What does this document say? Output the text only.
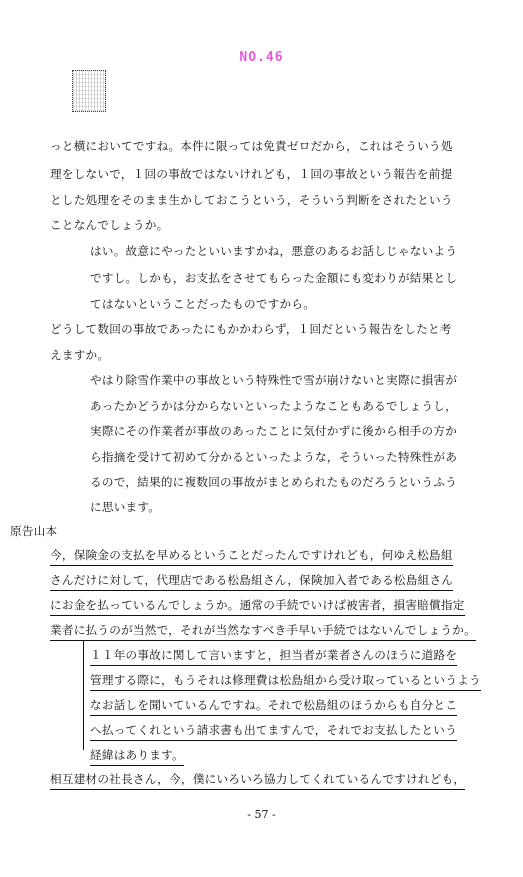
NO.46
っと横においてですね。本件に限っては免責ゼロだから，これはそういう処
理をしないで，１回の事故ではないけれども，１回の事故という報告を前提
とした処理をそのまま生かしておこうという，そういう判断をされたという
ことなんでしょうか。
はい。故意にやったといいますかね，悪意のあるお話しじゃないよう
ですし。しかも，お支払をさせてもらった金額にも変わりが結果とし
てはないということだったものですから。
どうして数回の事故であったにもかかわらず，１回だという報告をしたと考
えますか。
やはり除雪作業中の事故という特殊性で雪が崩けないと実際に損害が
あったかどうかは分からないといったようなこともあるでしょうし，
実際にその作業者が事故のあったことに気付かずに後から相手の方か
ら指摘を受けて初めて分かるといったような，そういった特殊性があ
るので，結果的に複数回の事故がまとめられたものだろうというふう
に思います。
原告山本
今，保険金の支払を早めるということだったんですけれども，何ゆえ松島組
さんだけに対して，代理店である松島組さん，保険加入者である松島組さん
にお金を払っているんでしょうか。通常の手続でいけば被害者，損害賠償指定
業者に払うのが当然で，それが当然なすべき手早い手続ではないんでしょうか。
１１年の事故に関して言いますと，担当者が業者さんのほうに道路を
管理する際に，もうそれは修理費は松島組から受け取っているというよう
なお話しを聞いているんですね。それで松島組のほうからも自分とこ
へ払ってくれという請求書も出てますんで，それでお支払したという
経緯はあります。
相互建材の社長さん，今，僕にいろいろ協力してくれているんですけれども，
- 57 -
